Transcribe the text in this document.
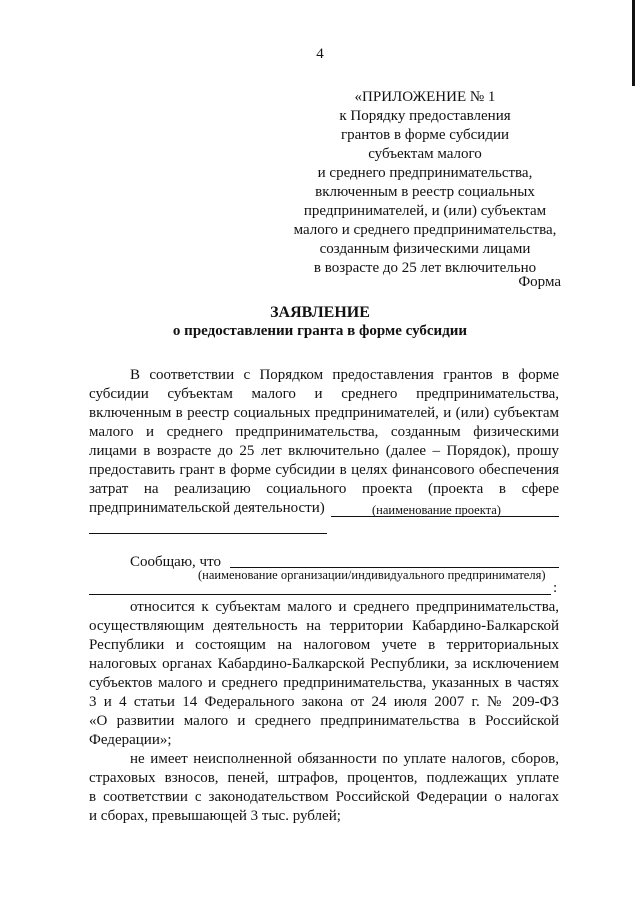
4
«ПРИЛОЖЕНИЕ № 1
к Порядку предоставления
грантов в форме субсидии
субъектам малого
и среднего предпринимательства,
включенным в реестр социальных
предпринимателей, и (или) субъектам
малого и среднего предпринимательства,
созданным физическими лицами
в возрасте до 25 лет включительно
Форма
ЗАЯВЛЕНИЕ
о предоставлении гранта в форме субсидии
В соответствии с Порядком предоставления грантов в форме
субсидии субъектам малого и среднего предпринимательства,
включенным в реестр социальных предпринимателей, и (или) субъектам
малого и среднего предпринимательства, созданным физическими
лицами в возрасте до 25 лет включительно (далее – Порядок), прошу
предоставить грант в форме субсидии в целях финансового обеспечения
затрат на реализацию социального проекта (проекта в сфере
предпринимательской деятельности)	(наименование проекта)
Сообщаю, что
(наименование организации/индивидуального предпринимателя)
:
относится к субъектам малого и среднего предпринимательства,
осуществляющим деятельность на территории Кабардино-Балкарской
Республики и состоящим на налоговом учете в территориальных
налоговых органах Кабардино-Балкарской Республики, за исключением
субъектов малого и среднего предпринимательства, указанных в частях
3 и 4 статьи 14 Федерального закона от 24 июля 2007 г. № 209-ФЗ
«О развитии малого и среднего предпринимательства в Российской
Федерации»;
не имеет неисполненной обязанности по уплате налогов, сборов,
страховых взносов, пеней, штрафов, процентов, подлежащих уплате
в соответствии с законодательством Российской Федерации о налогах
и сборах, превышающей 3 тыс. рублей;
